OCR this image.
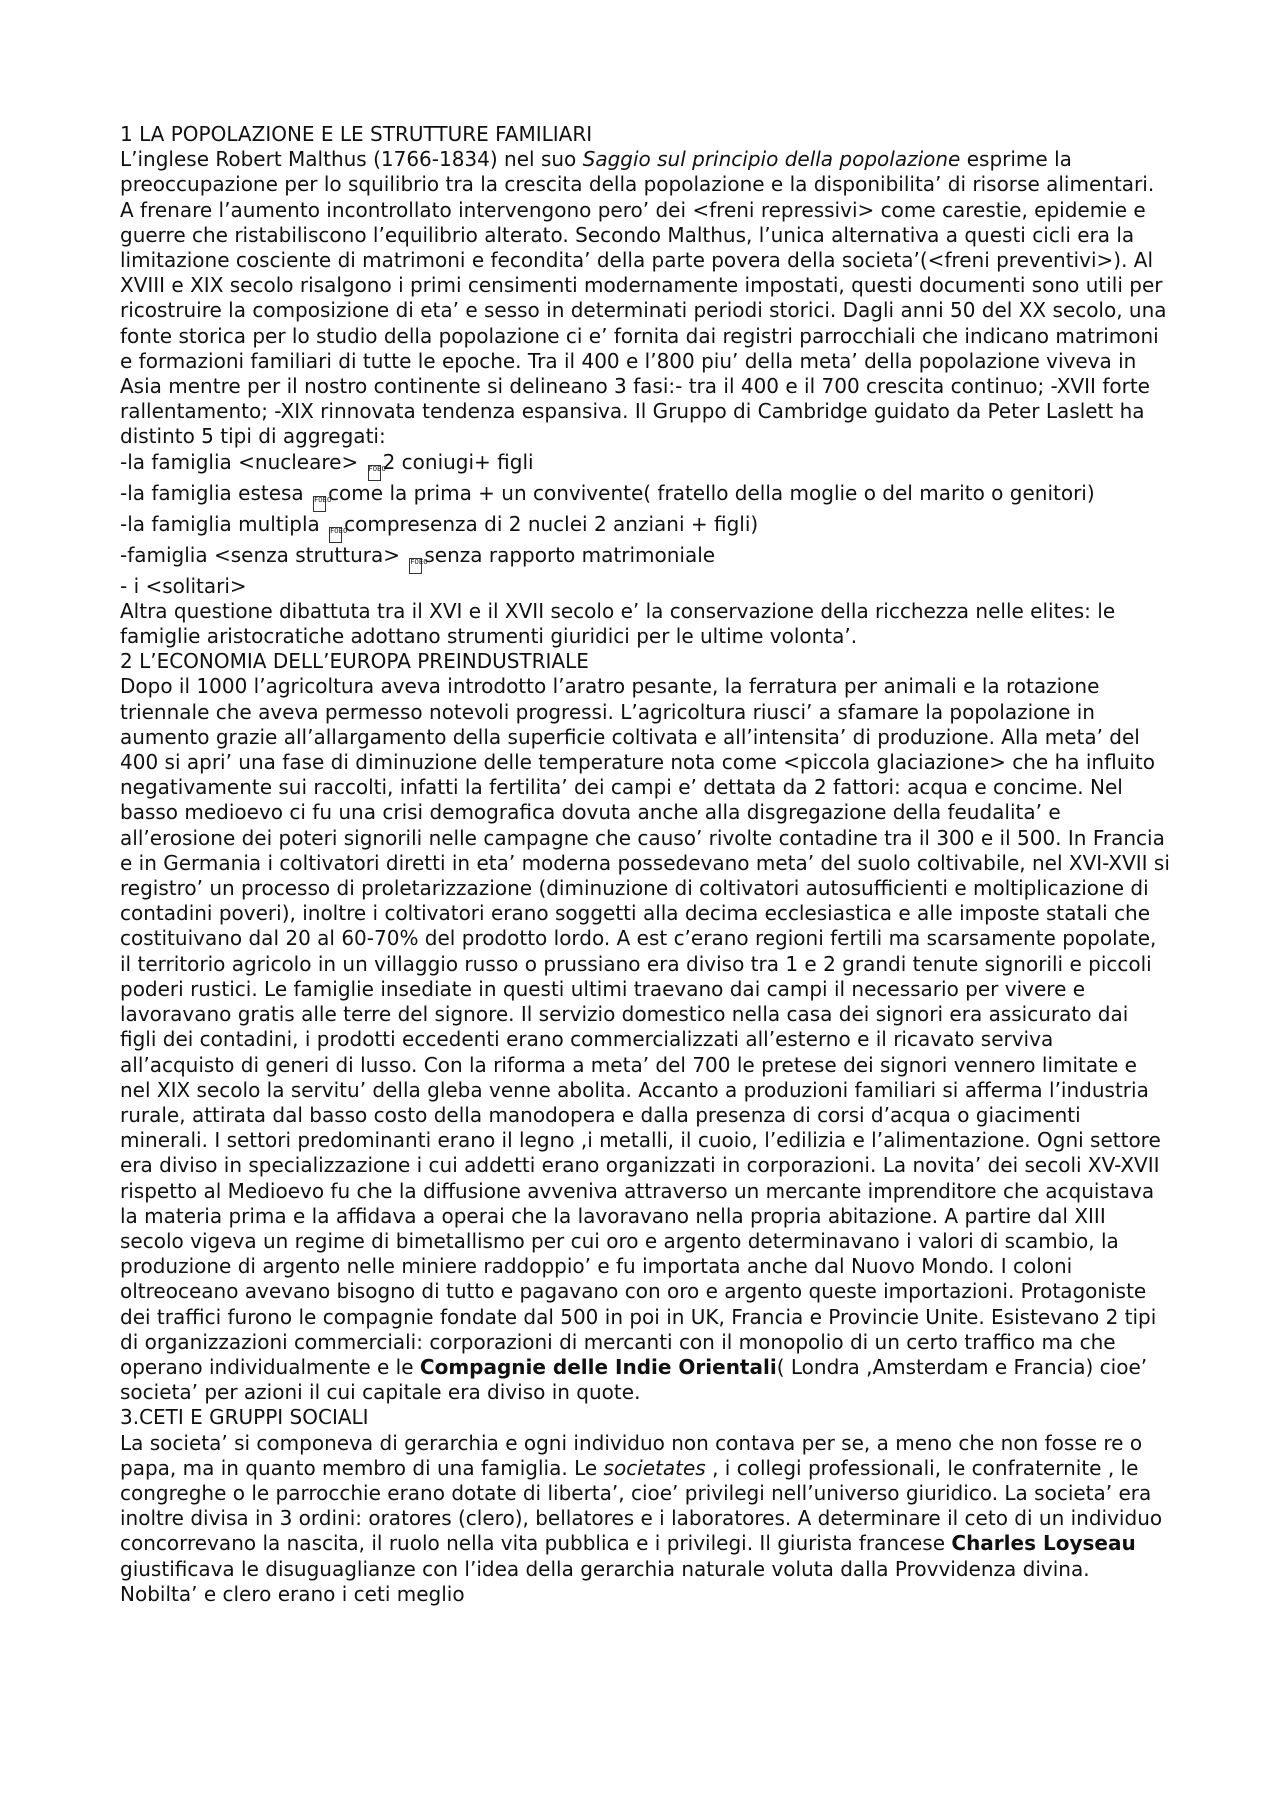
1 LA POPOLAZIONE E LE STRUTTURE FAMILIARI

L’inglese Robert Malthus (1766-1834) nel suo Saggio sul principio della popolazione esprime la preoccupazione per lo squilibrio tra la crescita della popolazione e la disponibilita’ di risorse alimentari. A frenare l’aumento incontrollato intervengono pero’ dei <freni repressivi> come carestie, epidemie e guerre che ristabiliscono l’equilibrio alterato. Secondo Malthus, l’unica alternativa a questi cicli era la limitazione cosciente di matrimoni e fecondita’ della parte povera della societa’(<freni preventivi>). Al XVIII e XIX secolo risalgono i primi censimenti modernamente impostati, questi documenti sono utili per ricostruire la composizione di eta’ e sesso in determinati periodi storici. Dagli anni 50 del XX secolo, una fonte storica per lo studio della popolazione ci e’ fornita dai registri parrocchiali che indicano matrimoni e formazioni familiari di tutte le epoche. Tra il 400 e l’800 piu’ della meta’ della popolazione viveva in Asia mentre per il nostro continente si delineano 3 fasi:- tra il 400 e il 700 crescita continuo; -XVII forte rallentamento; -XIX rinnovata tendenza espansiva. Il Gruppo di Cambridge guidato da Peter Laslett ha distinto 5 tipi di aggregati:

-la famiglia <nucleare> F0E02 coniugi+ figli

-la famiglia estesa F0E0come la prima + un convivente( fratello della moglie o del marito o genitori)

-la famiglia multipla F0E0compresenza di 2 nuclei 2 anziani + figli)

-famiglia <senza struttura> F0E0senza rapporto matrimoniale

- i <solitari>

Altra questione dibattuta tra il XVI e il XVII secolo e’ la conservazione della ricchezza nelle elites: le famiglie aristocratiche adottano strumenti giuridici per le ultime volonta’.

2 L’ECONOMIA DELL’EUROPA PREINDUSTRIALE

Dopo il 1000 l’agricoltura aveva introdotto l’aratro pesante, la ferratura per animali e la rotazione triennale che aveva permesso notevoli progressi. L’agricoltura riusci’ a sfamare la popolazione in aumento grazie all’allargamento della superficie coltivata e all’intensita’ di produzione. Alla meta’ del 400 si apri’ una fase di diminuzione delle temperature nota come <piccola glaciazione> che ha influito negativamente sui raccolti, infatti la fertilita’ dei campi e’ dettata da 2 fattori: acqua e concime. Nel basso medioevo ci fu una crisi demografica dovuta anche alla disgregazione della feudalita’ e all’erosione dei poteri signorili nelle campagne che causo’ rivolte contadine tra il 300 e il 500. In Francia e in Germania i coltivatori diretti in eta’ moderna possedevano meta’ del suolo coltivabile, nel XVI-XVII si registro’ un processo di proletarizzazione (diminuzione di coltivatori autosufficienti e moltiplicazione di contadini poveri), inoltre i coltivatori erano soggetti alla decima ecclesiastica e alle imposte statali che costituivano dal 20 al 60-70% del prodotto lordo. A est c’erano regioni fertili ma scarsamente popolate, il territorio agricolo in un villaggio russo o prussiano era diviso tra 1 e 2 grandi tenute signorili e piccoli poderi rustici. Le famiglie insediate in questi ultimi traevano dai campi il necessario per vivere e lavoravano gratis alle terre del signore. Il servizio domestico nella casa dei signori era assicurato dai figli dei contadini, i prodotti eccedenti erano commercializzati all’esterno e il ricavato serviva all’acquisto di generi di lusso. Con la riforma a meta’ del 700 le pretese dei signori vennero limitate e nel XIX secolo la servitu’ della gleba venne abolita. Accanto a produzioni familiari si afferma l’industria rurale, attirata dal basso costo della manodopera e dalla presenza di corsi d’acqua o giacimenti minerali. I settori predominanti erano il legno ,i metalli, il cuoio, l’edilizia e l’alimentazione. Ogni settore era diviso in specializzazione i cui addetti erano organizzati in corporazioni. La novita’ dei secoli XV-XVII rispetto al Medioevo fu che la diffusione avveniva attraverso un mercante imprenditore che acquistava la materia prima e la affidava a operai che la lavoravano nella propria abitazione. A partire dal XIII secolo vigeva un regime di bimetallismo per cui oro e argento determinavano i valori di scambio, la produzione di argento nelle miniere raddoppio’ e fu importata anche dal Nuovo Mondo. I coloni oltreoceano avevano bisogno di tutto e pagavano con oro e argento queste importazioni. Protagoniste dei traffici furono le compagnie fondate dal 500 in poi in UK, Francia e Provincie Unite. Esistevano 2 tipi di organizzazioni commerciali: corporazioni di mercanti con il monopolio di un certo traffico ma che operano individualmente e le Compagnie delle Indie Orientali( Londra ,Amsterdam e Francia) cioe’ societa’ per azioni il cui capitale era diviso in quote.

3.CETI E GRUPPI SOCIALI

La societa’ si componeva di gerarchia e ogni individuo non contava per se, a meno che non fosse re o papa, ma in quanto membro di una famiglia. Le societates , i collegi professionali, le confraternite , le congreghe o le parrocchie erano dotate di liberta’, cioe’ privilegi nell’universo giuridico. La societa’ era inoltre divisa in 3 ordini: oratores (clero), bellatores e i laboratores. A determinare il ceto di un individuo concorrevano la nascita, il ruolo nella vita pubblica e i privilegi. Il giurista francese Charles Loyseau giustificava le disuguaglianze con l’idea della gerarchia naturale voluta dalla Provvidenza divina. Nobilta’ e clero erano i ceti meglio
